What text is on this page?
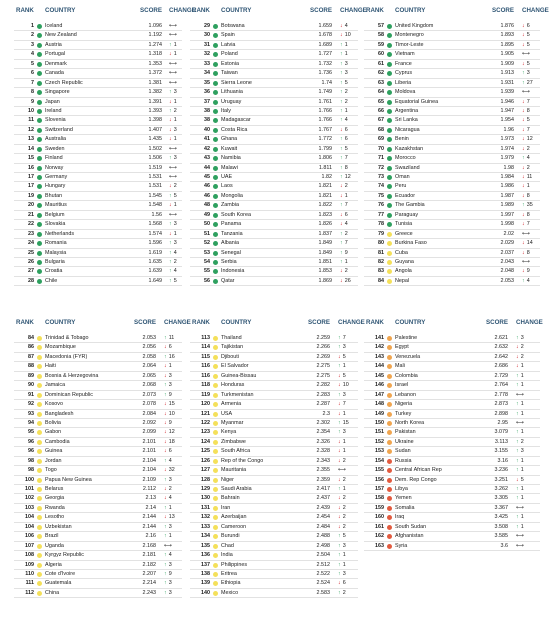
RANK COUNTRY	SCORE CHANGE
1 Iceland	1.096 ⟷
2 New Zealand	1.192 ⟷
3 Austria	1.274 ↑ 1
4 Portugal	1.318 ↓ 1
5 Denmark	1.353 ⟷
6 Canada	1.372 ⟷
7 Czech Republic	1.381 ⟷
8 Singapore	1.382 ↑ 3
9 Japan	1.391 ↓ 1
10 Ireland	1.393 ↑ 2
11 Slovenia	1.398 ↓ 1
12 Switzerland	1.407 ↓ 3
13 Australia	1.435 ↓ 1
14 Sweden	1.502 ⟷
15 Finland	1.506 ↑ 3
16 Norway	1.519 ⟷
17 Germany	1.531 ⟷
17 Hungary	1.531 ↓ 2
19 Bhutan	1.545 ↑ 5
20 Mauritius	1.548 ↓ 1
21 Belgium	1.56 ⟷
22 Slovakia	1.568 ↑ 3
23 Netherlands	1.574 ↓ 1
24 Romania	1.596 ↑ 3
25 Malaysia	1.619 ↑ 4
26 Bulgaria	1.635 ↑ 2
27 Croatia	1.639 ↑ 4
28 Chile	1.649 ↑ 5
RANK COUNTRY	SCORE CHANGE
29 Botswana	1.659 ↓ 4
30 Spain	1.678 ↓ 10
31 Latvia	1.689 ↑ 1
32 Poland	1.727 ↑ 1
33 Estonia	1.732 ↑ 3
34 Taiwan	1.736 ↑ 3
35 Sierra Leone	1.74 ↑ 5
36 Lithuania	1.749 ↑ 2
37 Uruguay	1.761 ↑ 2
38 Italy	1.766 ↑ 1
38 Madagascar	1.766 ↑ 4
40 Costa Rica	1.767 ↓ 6
41 Ghana	1.772 ↑ 6
42 Kuwait	1.799 ↑ 5
43 Namibia	1.806 ↑ 7
44 Malawi	1.811 ↑ 8
45 UAE	1.82 ↑ 12
46 Laos	1.821 ↓ 2
46 Mongolia	1.821 ↓ 1
48 Zambia	1.822 ↑ 7
49 South Korea	1.823 ↓ 6
50 Panama	1.826 ↓ 4
51 Tanzania	1.837 ↑ 2
52 Albania	1.849 ↑ 7
53 Senegal	1.849 ↑ 9
54 Serbia	1.851 ↑ 1
55 Indonesia	1.853 ↓ 2
56 Qatar	1.869 ↓ 26
RANK COUNTRY	SCORE CHANGE
57 United Kingdom	1.876 ↓ 6
58 Montenegro	1.893 ↓ 5
59 Timor-Leste	1.895 ↓ 5
60 Vietnam	1.905 ⟷
61 France	1.909 ↓ 5
62 Cyprus	1.913 ↑ 3
63 Liberia	1.931 ↑ 27
64 Moldova	1.939 ⟷
65 Equatorial Guinea	1.946 ↓ 7
66 Argentina	1.947 ↓ 8
67 Sri Lanka	1.954 ↓ 5
68 Nicaragua	1.96 ↓ 7
69 Benin	1.973 ↓ 12
70 Kazakhstan	1.974 ↓ 2
71 Morocco	1.979 ↑ 4
72 Swaziland	1.98 ↓ 2
73 Oman	1.984 ↓ 11
74 Peru	1.986 ↓ 1
75 Ecuador	1.987 ↓ 8
76 The Gambia	1.989 ↑ 35
77 Paraguay	1.997 ↓ 8
78 Tunisia	1.998 ↓ 7
79 Greece	2.02 ⟷
80 Burkina Faso	2.029 ↓ 14
81 Cuba	2.037 ↓ 8
82 Guyana	2.043 ⟷
83 Angola	2.048 ↓ 9
84 Nepal	2.053 ↑ 4
RANK COUNTRY	SCORE CHANGE
84 Trinidad & Tobago	2.053 ↑ 11
86 Mozambique	2.056 ↓ 6
87 Macedonia (FYR)	2.058 ↑ 16
88 Haiti	2.064 ↓ 1
89 Bosnia & Herzegovina	2.065 ↓ 3
90 Jamaica	2.068 ↑ 3
91 Dominican Republic	2.073 ↑ 9
92 Kosovo	2.078 ↓ 15
93 Bangladesh	2.084 ↓ 10
94 Bolivia	2.092 ↓ 9
95 Gabon	2.099 ↓ 12
96 Cambodia	2.101 ↓ 18
96 Guinea	2.101 ↓ 6
98 Jordan	2.104 ↑ 4
98 Togo	2.104 ↓ 32
100 Papua New Guinea	2.109 ↑ 3
101 Belarus	2.112 ↓ 2
102 Georgia	2.13 ↓ 4
103 Rwanda	2.14 ↑ 1
104 Lesotho	2.144 ↓ 13
104 Uzbekistan	2.144 ↑ 3
106 Brazil	2.16 ↑ 1
107 Uganda	2.168 ⟷
108 Kyrgyz Republic	2.181 ↑ 4
109 Algeria	2.182 ↑ 3
110 Cote d'Ivoire	2.207 ↑ 9
111 Guatemala	2.214 ↑ 3
112 China	2.243 ↑ 3
RANK COUNTRY	SCORE CHANGE
113 Thailand	2.259 ↑ 7
114 Tajikistan	2.266 ↑ 3
115 Djibouti	2.269 ↓ 5
116 El Salvador	2.275 ↑ 1
116 Guinea-Bissau	2.275 ↓ 5
118 Honduras	2.282 ↓ 10
119 Turkmenistan	2.283 ↑ 3
120 Armenia	2.287 ↓ 7
121 USA	2.3 ↓ 1
122 Myanmar	2.302 ↑ 15
123 Kenya	2.354 ↑ 3
124 Zimbabwe	2.326 ↓ 1
125 South Africa	2.328 ↓ 1
126 Rep of the Congo	2.343 ↓ 2
127 Mauritania	2.355 ⟷
128 Niger	2.359 ↓ 2
129 Saudi Arabia	2.417 ↑ 1
130 Bahrain	2.437 ↓ 2
131 Iran	2.439 ↓ 2
132 Azerbaijan	2.454 ↓ 2
133 Cameroon	2.484 ↓ 2
134 Burundi	2.488 ↑ 5
135 Chad	2.498 ↑ 3
136 India	2.504 ↑ 1
137 Philippines	2.512 ↑ 1
138 Eritrea	2.522 ↑ 3
139 Ethiopia	2.524 ↓ 6
140 Mexico	2.583 ↑ 2
RANK COUNTRY	SCORE CHANGE
141 Palestine	2.621 ↑ 3
142 Egypt	2.632 ↓ 2
143 Venezuela	2.642 ↓ 2
144 Mali	2.686 ↓ 1
145 Colombia	2.729 ↑ 1
146 Israel	2.764 ↑ 1
147 Lebanon	2.778 ⟷
148 Nigeria	2.873 ↑ 1
149 Turkey	2.898 ↑ 1
150 North Korea	2.95 ⟷
151 Pakistan	3.079 ↑ 1
152 Ukraine	3.113 ↑ 2
153 Sudan	3.155 ↑ 3
154 Russia	3.16 ↑ 1
155 Central African Rep	3.236 ↑ 1
156 Dem. Rep Congo	3.251 ↓ 5
157 Libya	3.262 ↑ 1
158 Yemen	3.305 ↑ 1
159 Somalia	3.367 ⟷
160 Iraq	3.425 ↑ 1
161 South Sudan	3.508 ↑ 1
162 Afghanistan	3.585 ⟷
163 Syria	3.6 ⟷
